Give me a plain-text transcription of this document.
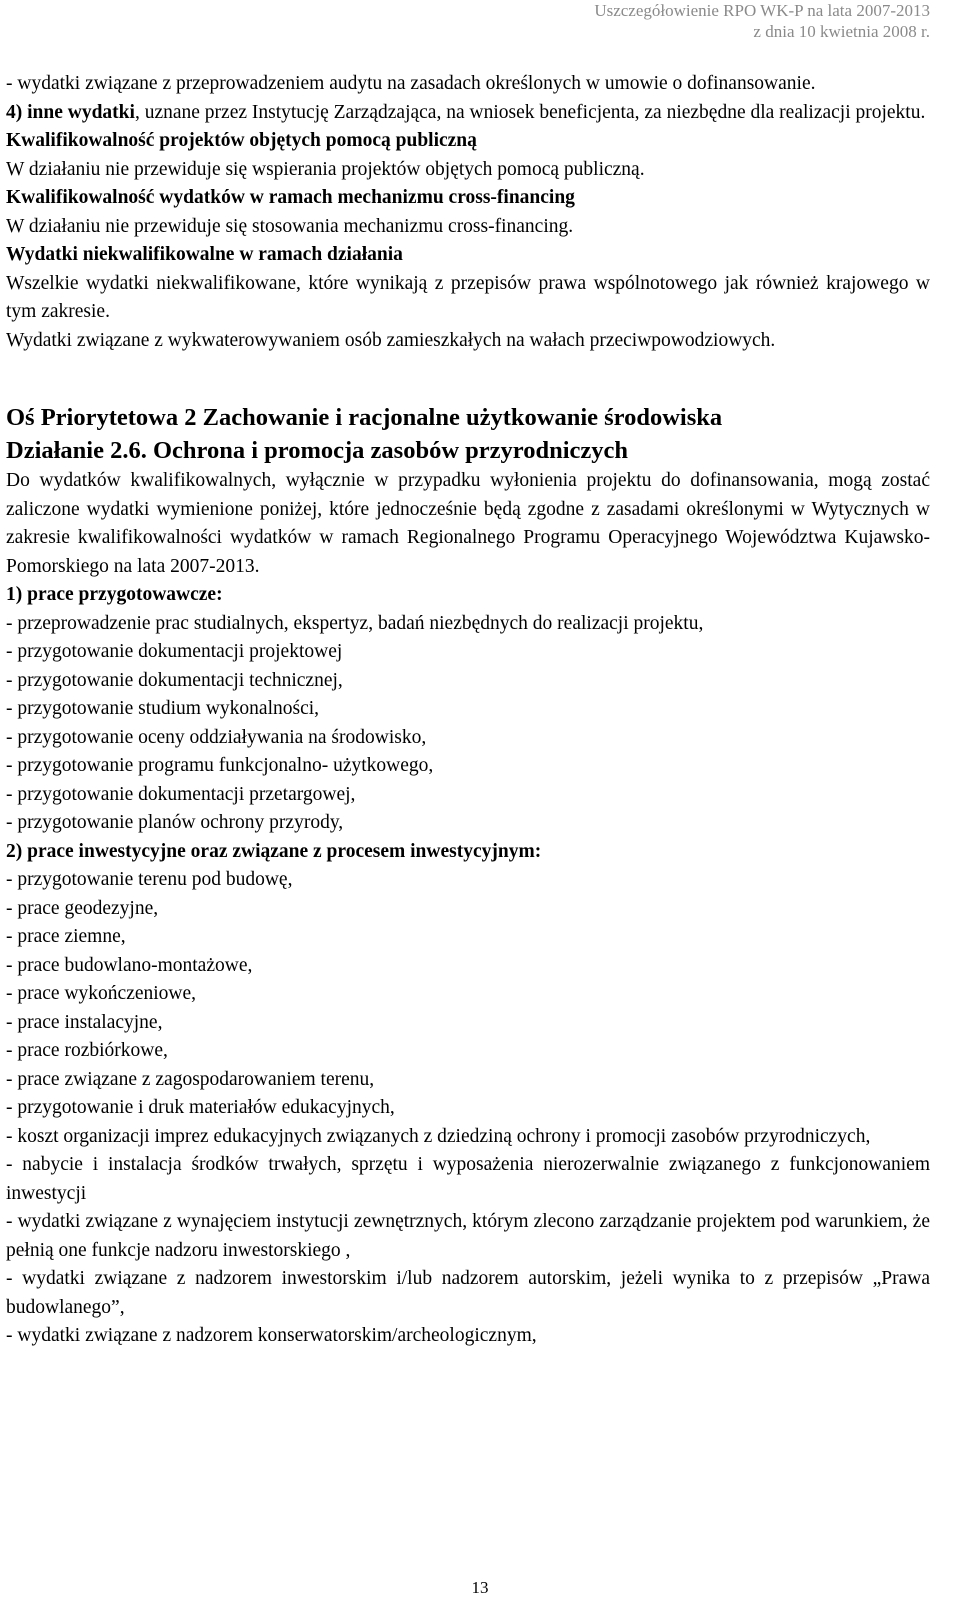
Uszczegółowienie RPO WK-P na lata 2007-2013
z dnia 10 kwietnia 2008 r.

- wydatki związane z przeprowadzeniem audytu na zasadach określonych w umowie o dofinansowanie.

4) inne wydatki, uznane przez Instytucję Zarządzająca, na wniosek beneficjenta, za niezbędne dla realizacji projektu.

Kwalifikowalność projektów objętych pomocą publiczną

W działaniu nie przewiduje się wspierania projektów objętych pomocą publiczną.

Kwalifikowalność wydatków w ramach mechanizmu cross-financing

W działaniu nie przewiduje się stosowania mechanizmu cross-financing.

Wydatki niekwalifikowalne w ramach działania

Wszelkie wydatki niekwalifikowane, które wynikają z przepisów prawa wspólnotowego jak również krajowego w tym zakresie.

Wydatki związane z wykwaterowywaniem osób zamieszkałych na wałach przeciwpowodziowych.

Oś Priorytetowa 2 Zachowanie i racjonalne użytkowanie środowiska

Działanie 2.6. Ochrona i promocja zasobów przyrodniczych

Do wydatków kwalifikowalnych, wyłącznie w przypadku wyłonienia projektu do dofinansowania, mogą zostać zaliczone wydatki wymienione poniżej, które jednocześnie będą zgodne z zasadami określonymi w Wytycznych w zakresie kwalifikowalności wydatków w ramach Regionalnego Programu Operacyjnego Województwa Kujawsko-Pomorskiego na lata 2007-2013.

1) prace przygotowawcze:

- przeprowadzenie prac studialnych, ekspertyz, badań niezbędnych do realizacji projektu,

- przygotowanie dokumentacji projektowej

- przygotowanie dokumentacji technicznej,

- przygotowanie studium wykonalności,

- przygotowanie oceny oddziaływania na środowisko,

- przygotowanie programu funkcjonalno- użytkowego,

- przygotowanie dokumentacji przetargowej,

- przygotowanie planów ochrony przyrody,

2) prace inwestycyjne oraz związane z procesem inwestycyjnym:

- przygotowanie terenu pod budowę,

- prace geodezyjne,

- prace ziemne,

- prace budowlano-montażowe,

- prace wykończeniowe,

- prace instalacyjne,

- prace rozbiórkowe,

- prace związane z zagospodarowaniem terenu,

- przygotowanie i druk materiałów edukacyjnych,

- koszt organizacji imprez edukacyjnych związanych z dziedziną ochrony i promocji zasobów przyrodniczych,

- nabycie i instalacja środków trwałych, sprzętu i wyposażenia nierozerwalnie związanego z funkcjonowaniem inwestycji

- wydatki związane z wynajęciem instytucji zewnętrznych, którym zlecono zarządzanie projektem pod warunkiem, że pełnią one funkcje nadzoru inwestorskiego ,

- wydatki związane z nadzorem inwestorskim i/lub nadzorem autorskim, jeżeli wynika to z przepisów „Prawa budowlanego”,

- wydatki związane z nadzorem konserwatorskim/archeologicznym,

13
